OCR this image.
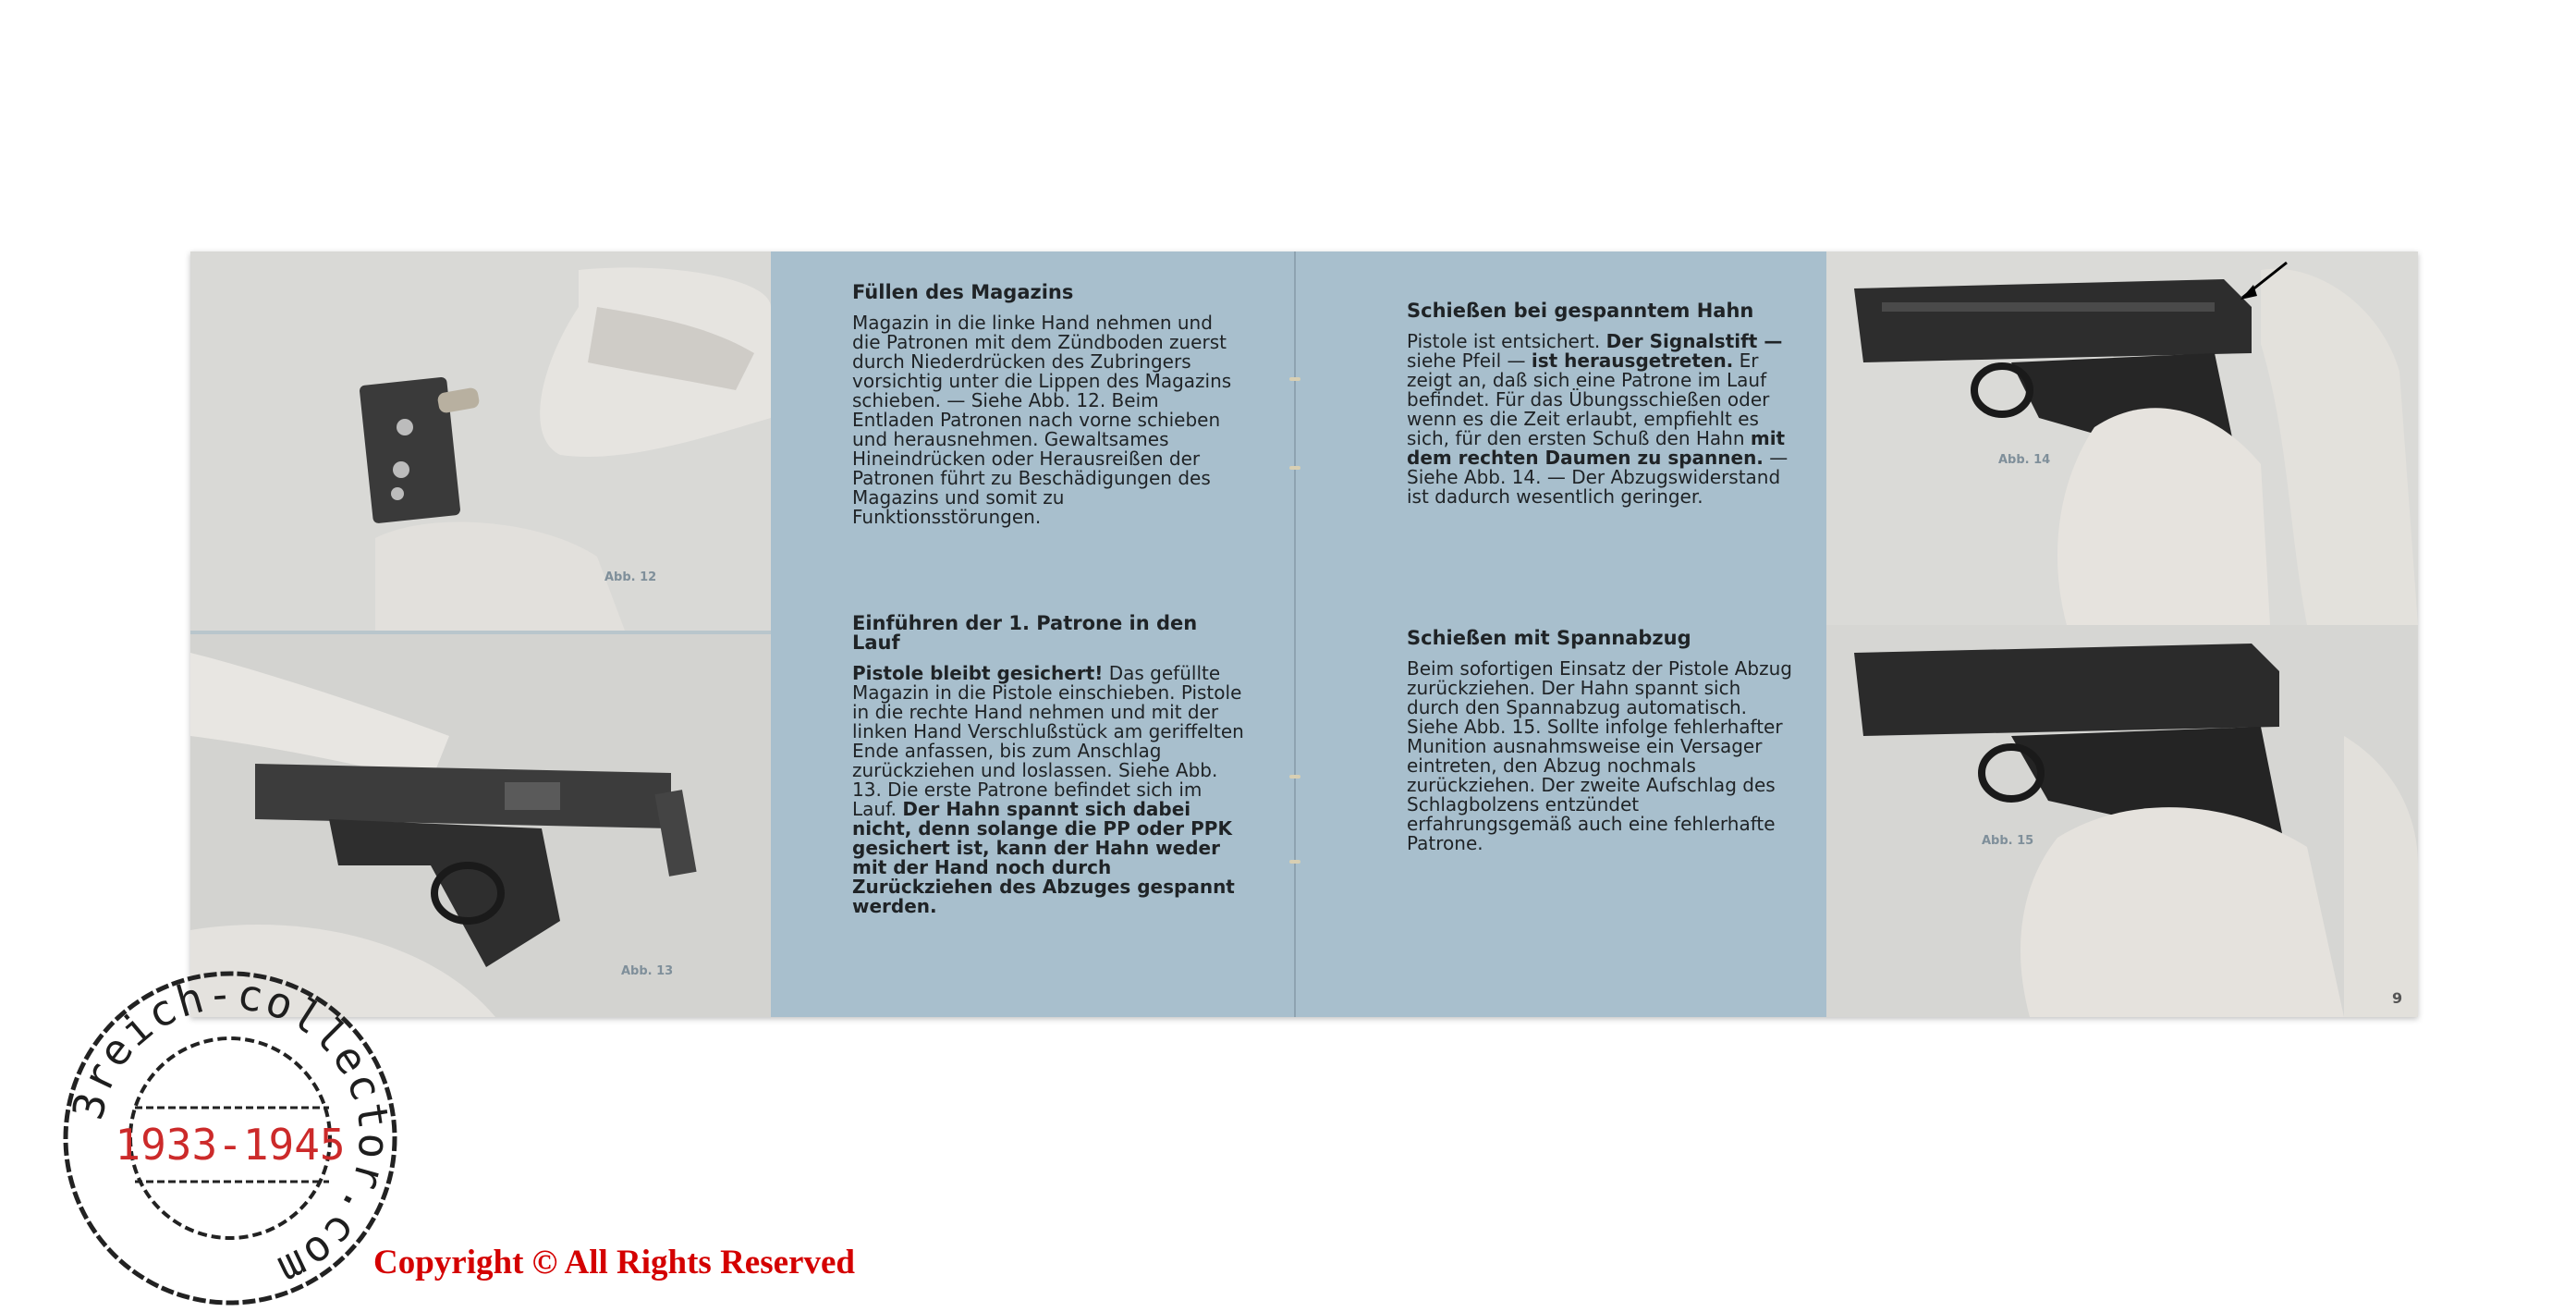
Abb. 12
Abb. 13
Füllen des Magazins

Magazin in die linke Hand nehmen und die Patronen mit dem Zündboden zuerst durch Niederdrücken des Zubringers vorsichtig unter die Lippen des Magazins schieben. — Siehe Abb. 12. Beim Entladen Patronen nach vorne schieben und herausnehmen. Gewaltsames Hineindrücken oder Herausreißen der Patronen führt zu Beschädigungen des Magazins und somit zu Funktionsstörungen.

Einführen der 1. Patrone in den Lauf

Pistole bleibt gesichert! Das gefüllte Magazin in die Pistole einschieben. Pistole in die rechte Hand nehmen und mit der linken Hand Verschlußstück am geriffelten Ende anfassen, bis zum Anschlag zurückziehen und loslassen. Siehe Abb. 13. Die erste Patrone befindet sich im Lauf. Der Hahn spannt sich dabei nicht, denn solange die PP oder PPK gesichert ist, kann der Hahn weder mit der Hand noch durch Zurückziehen des Abzuges gespannt werden.

Schießen bei gespanntem Hahn

Pistole ist entsichert. Der Signalstift — siehe Pfeil — ist herausgetreten. Er zeigt an, daß sich eine Patrone im Lauf befindet. Für das Übungsschießen oder wenn es die Zeit erlaubt, empfiehlt es sich, für den ersten Schuß den Hahn mit dem rechten Daumen zu spannen. — Siehe Abb. 14. — Der Abzugswiderstand ist dadurch wesentlich geringer.

Schießen mit Spannabzug

Beim sofortigen Einsatz der Pistole Abzug zurückziehen. Der Hahn spannt sich durch den Spannabzug automatisch. Siehe Abb. 15. Sollte infolge fehlerhafter Munition ausnahmsweise ein Versager eintreten, den Abzug nochmals zurückziehen. Der zweite Aufschlag des Schlagbolzens entzündet erfahrungsgemäß auch eine fehlerhafte Patrone.

Abb. 14
Abb. 15
9
3reich-collector.com
1933-1945
Copyright © All Rights Reserved
